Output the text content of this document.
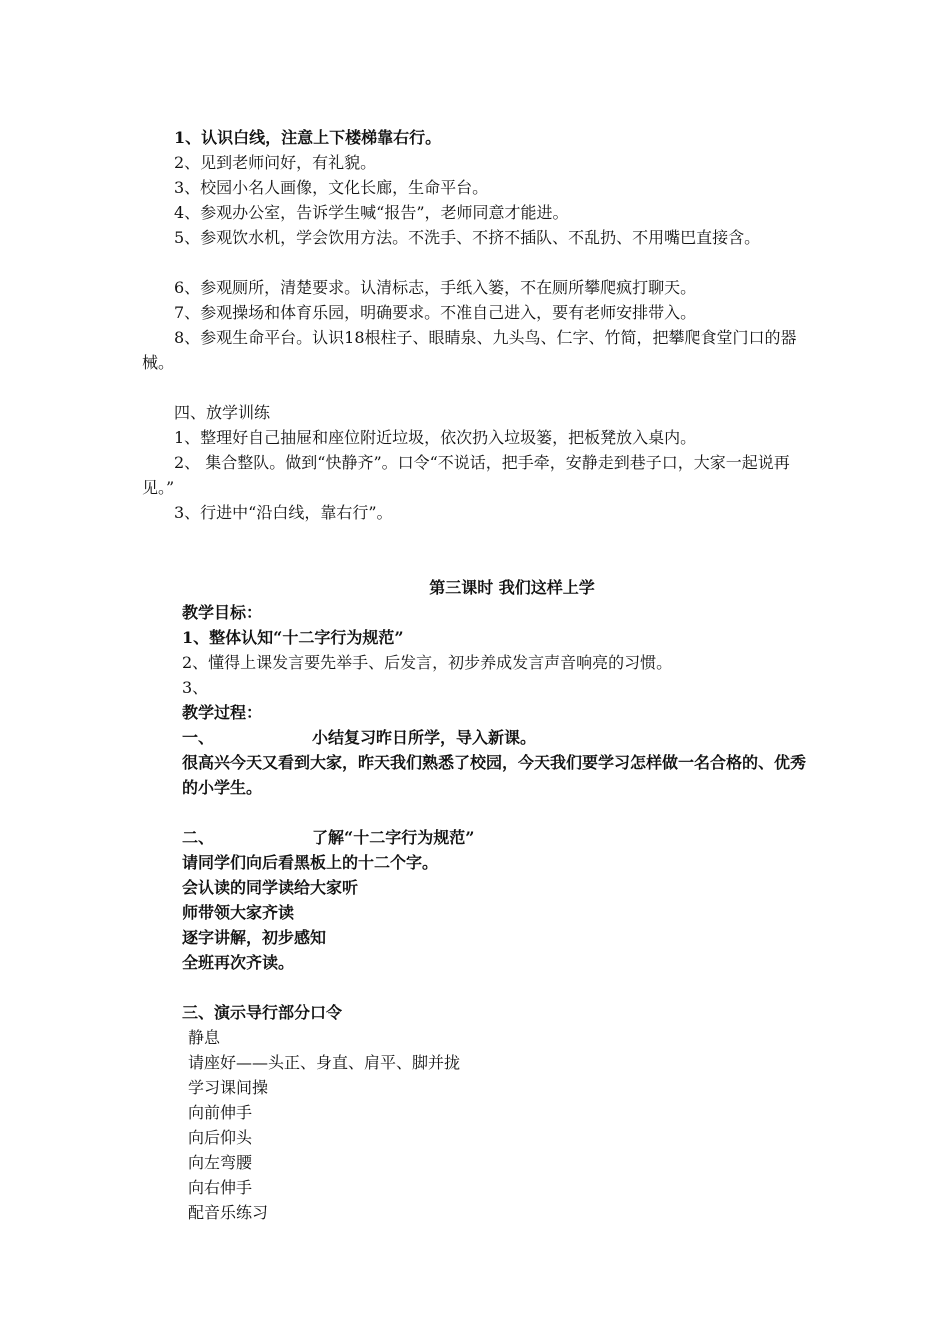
1、认识白线，注意上下楼梯靠右行。

2、见到老师问好，有礼貌。

3、校园小名人画像，文化长廊，生命平台。

4、参观办公室，告诉学生喊“报告”，老师同意才能进。

5、参观饮水机，学会饮用方法。不洗手、不挤不插队、不乱扔、不用嘴巴直接含。

6、参观厕所，清楚要求。认清标志，手纸入篓，不在厕所攀爬疯打聊天。

7、参观操场和体育乐园，明确要求。不准自己进入，要有老师安排带入。

8、参观生命平台。认识18根柱子、眼睛泉、九头鸟、仁字、竹简，把攀爬食堂门口的器械。

四、放学训练

1、整理好自己抽屉和座位附近垃圾，依次扔入垃圾篓，把板凳放入桌内。

2、 集合整队。做到“快静齐”。口令“不说话，把手牵，安静走到巷子口，大家一起说再见。”

3、行进中“沿白线，靠右行”。

第三课时 我们这样上学

教学目标：

1、整体认知“十二字行为规范”

2、懂得上课发言要先举手、后发言，初步养成发言声音响亮的习惯。

3、

教学过程：

一、	小结复习昨日所学，导入新课。

很高兴今天又看到大家，昨天我们熟悉了校园，今天我们要学习怎样做一名合格的、优秀的小学生。

二、	了解“十二字行为规范”

请同学们向后看黑板上的十二个字。

会认读的同学读给大家听

师带领大家齐读

逐字讲解，初步感知

全班再次齐读。

三、演示导行部分口令

静息

请座好——头正、身直、肩平、脚并拢

学习课间操

向前伸手

向后仰头

向左弯腰

向右伸手

配音乐练习
